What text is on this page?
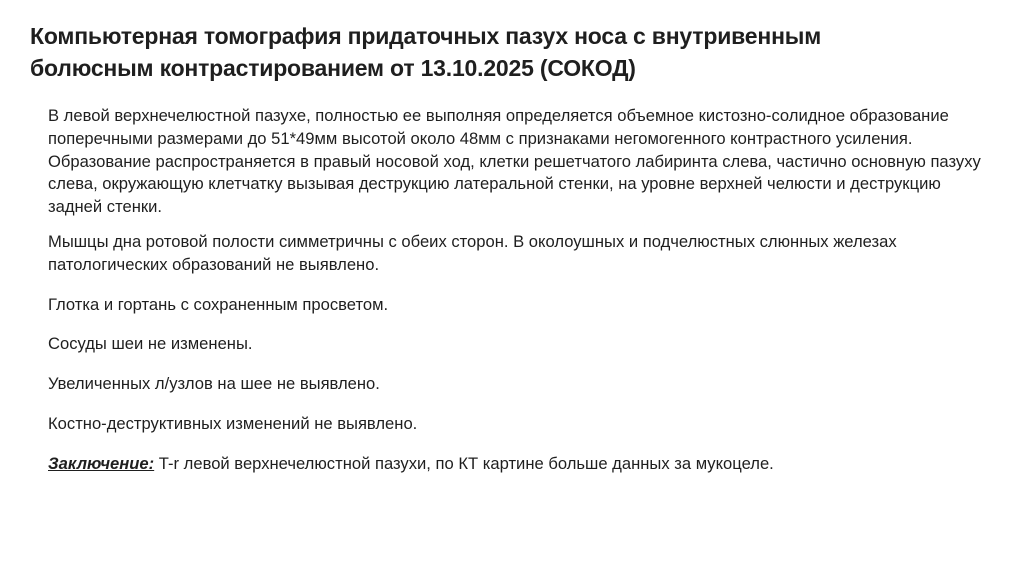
Компьютерная томография придаточных пазух носа с внутривенным
болюсным контрастированием от 13.10.2025 (СОКОД)

В левой верхнечелюстной пазухе, полностью ее выполняя определяется объемное кистозно-солидное образование поперечными размерами до 51*49мм высотой около 48мм с признаками негомогенного контрастного усиления. Образование распространяется в правый носовой ход, клетки решетчатого лабиринта слева, частично основную пазуху слева, окружающую клетчатку вызывая деструкцию латеральной стенки, на уровне верхней челюсти и деструкцию задней стенки.

Мышцы дна ротовой полости симметричны с обеих сторон. В околоушных и подчелюстных слюнных железах патологических образований не выявлено.

Глотка и гортань с сохраненным просветом.

Сосуды шеи не изменены.

Увеличенных л/узлов на шее не выявлено.

Костно-деструктивных изменений не выявлено.

Заключение: T-r левой верхнечелюстной пазухи, по КТ картине больше данных за мукоцеле.
